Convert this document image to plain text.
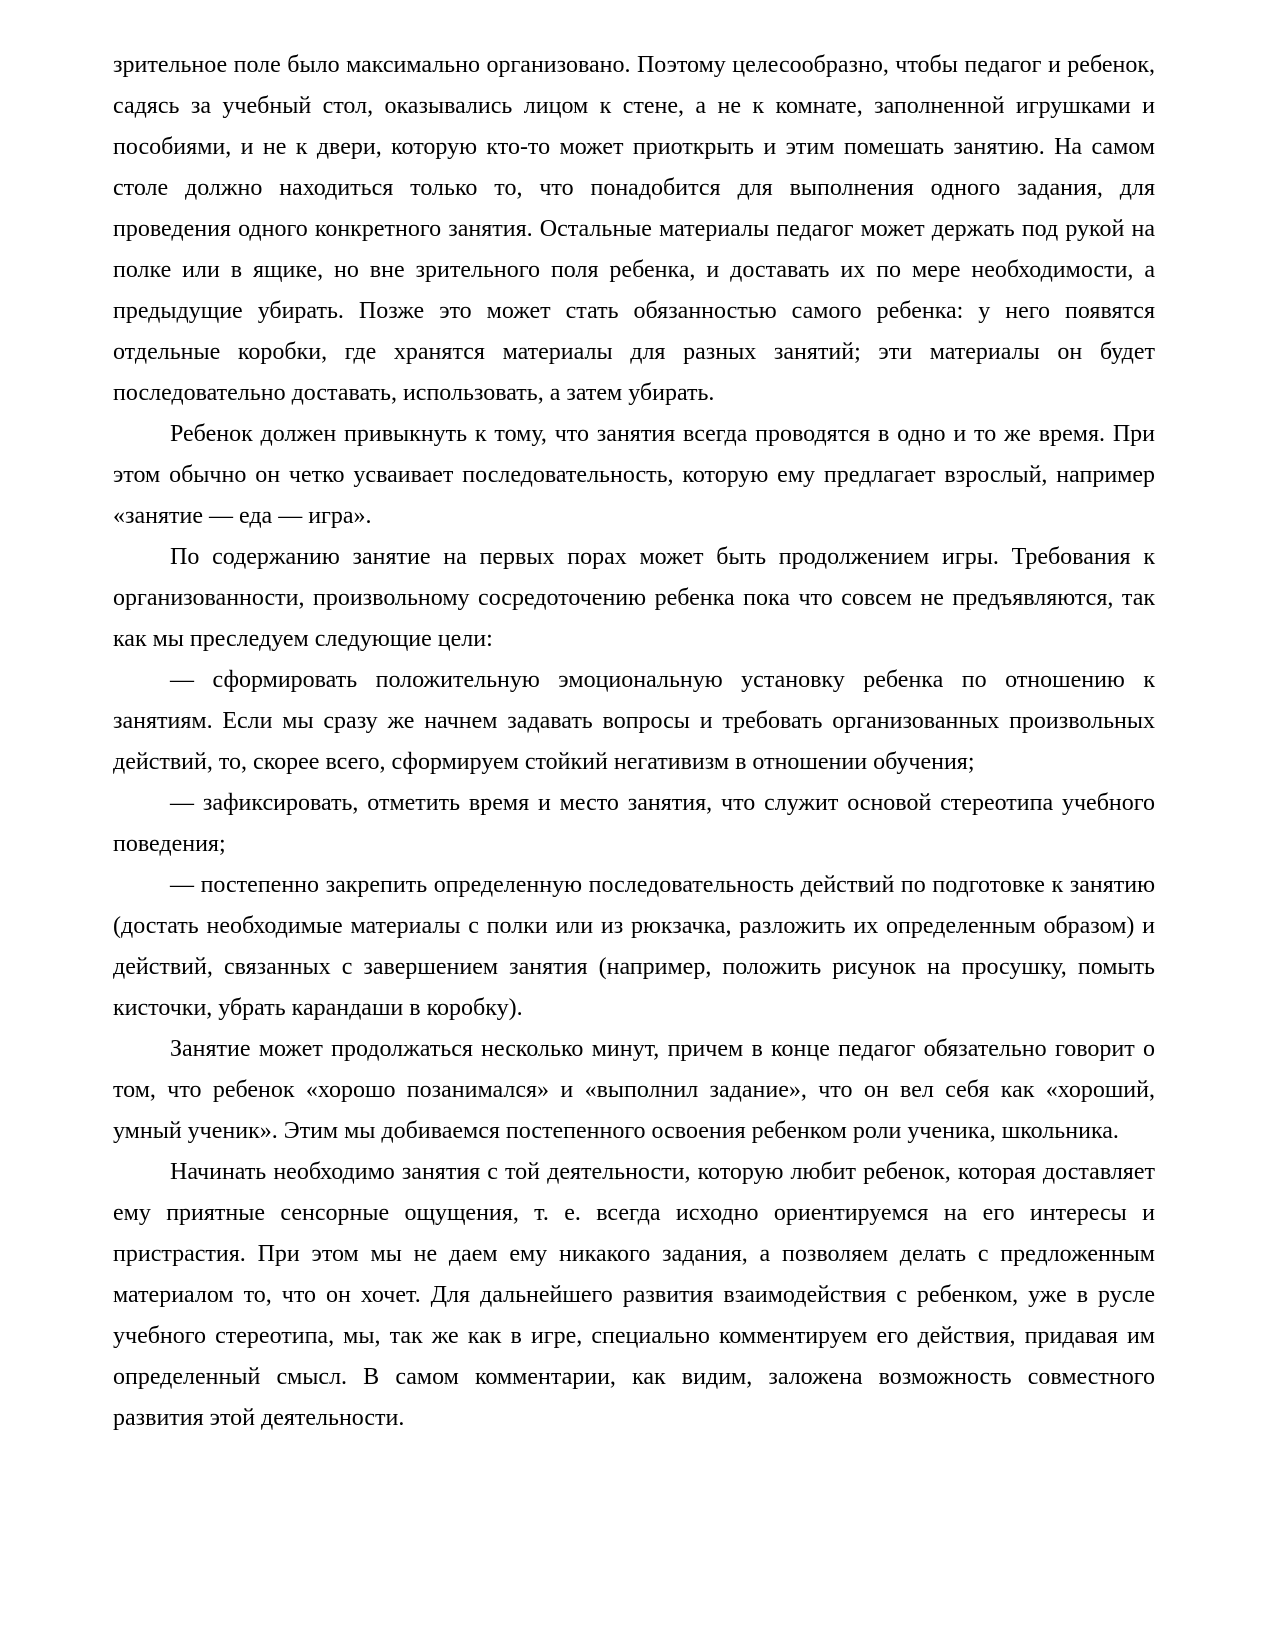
зрительное поле было максимально организовано. Поэтому целесообразно, чтобы педагог и ребенок, садясь за учебный стол, оказывались лицом к стене, а не к комнате, заполненной игрушками и пособиями, и не к двери, которую кто-то может приоткрыть и этим помешать занятию. На самом столе должно находиться только то, что понадобится для выполнения одного задания, для проведения одного конкретного занятия. Остальные материалы педагог может держать под рукой на полке или в ящике, но вне зрительного поля ребенка, и доставать их по мере необходимости, а предыдущие убирать. Позже это может стать обязанностью самого ребенка: у него появятся отдельные коробки, где хранятся материалы для разных занятий; эти материалы он будет последовательно доставать, использовать, а затем убирать.

Ребенок должен привыкнуть к тому, что занятия всегда проводятся в одно и то же время. При этом обычно он четко усваивает последовательность, которую ему предлагает взрослый, например «занятие — еда — игра».

По содержанию занятие на первых порах может быть продолжением игры. Требования к организованности, произвольному сосредоточению ребенка пока что совсем не предъявляются, так как мы преследуем следующие цели:

— сформировать положительную эмоциональную установку ребенка по отношению к занятиям. Если мы сразу же начнем задавать вопросы и требовать организованных произвольных действий, то, скорее всего, сформируем стойкий негативизм в отношении обучения;

— зафиксировать, отметить время и место занятия, что служит основой стереотипа учебного поведения;

— постепенно закрепить определенную последовательность действий по подготовке к занятию (достать необходимые материалы с полки или из рюкзачка, разложить их определенным образом) и действий, связанных с завершением занятия (например, положить рисунок на просушку, помыть кисточки, убрать карандаши в коробку).

Занятие может продолжаться несколько минут, причем в конце педагог обязательно говорит о том, что ребенок «хорошо позанимался» и «выполнил задание», что он вел себя как «хороший, умный ученик». Этим мы добиваемся постепенного освоения ребенком роли ученика, школьника.

Начинать необходимо занятия с той деятельности, которую любит ребенок, которая доставляет ему приятные сенсорные ощущения, т. е. всегда исходно ориентируемся на его интересы и пристрастия. При этом мы не даем ему никакого задания, а позволяем делать с предложенным материалом то, что он хочет. Для дальнейшего развития взаимодействия с ребенком, уже в русле учебного стереотипа, мы, так же как в игре, специально комментируем его действия, придавая им определенный смысл. В самом комментарии, как видим, заложена возможность совместного развития этой деятельности.
